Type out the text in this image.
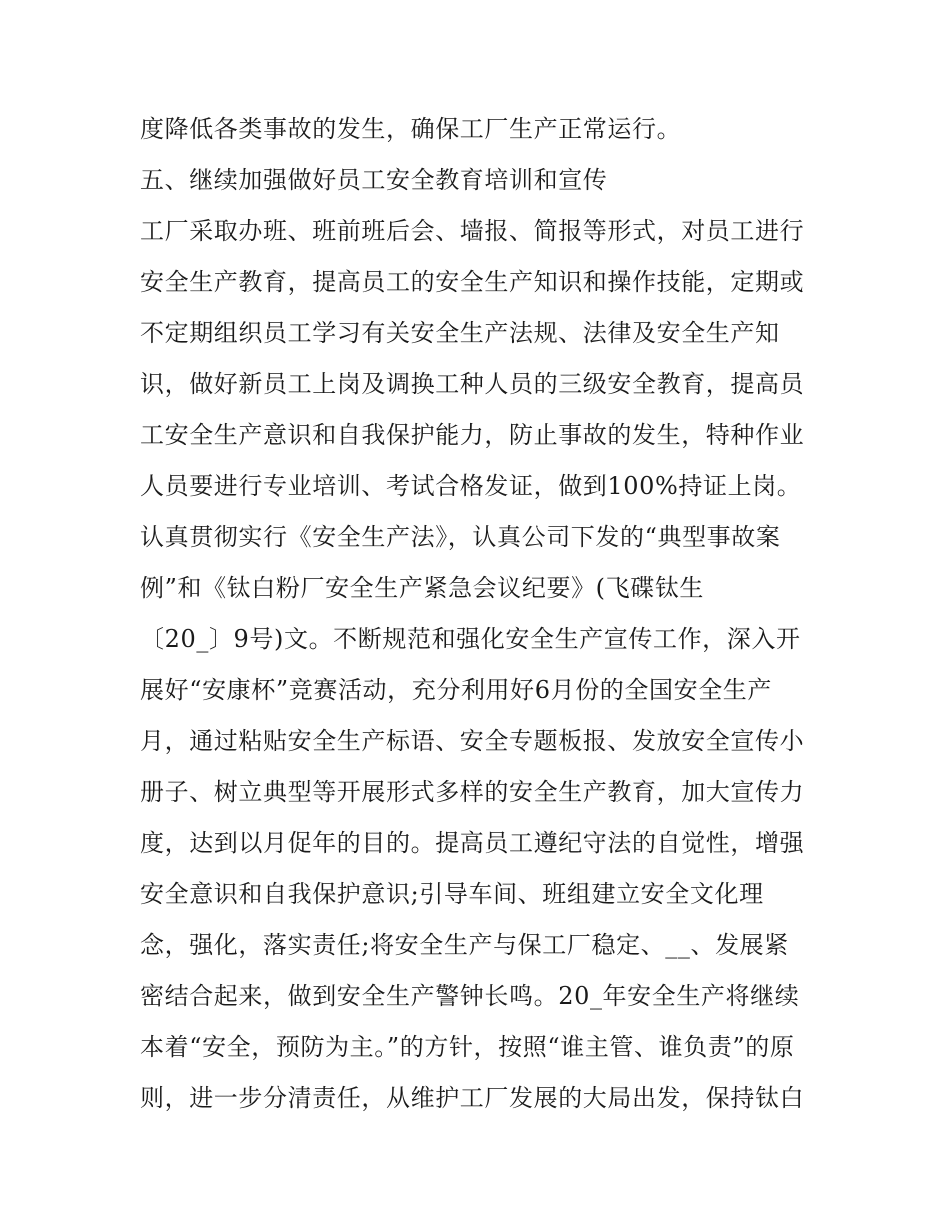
度降低各类事故的发生，确保工厂生产正常运行。
五、继续加强做好员工安全教育培训和宣传
工厂采取办班、班前班后会、墙报、简报等形式，对员工进行
安全生产教育，提高员工的安全生产知识和操作技能，定期或
不定期组织员工学习有关安全生产法规、法律及安全生产知
识，做好新员工上岗及调换工种人员的三级安全教育，提高员
工安全生产意识和自我保护能力，防止事故的发生，特种作业
人员要进行专业培训、考试合格发证，做到100%持证上岗。
认真贯彻实行《安全生产法》，认真公司下发的“典型事故案
例”和《钛白粉厂安全生产紧急会议纪要》(飞碟钛生
〔20_〕9号)文。不断规范和强化安全生产宣传工作，深入开
展好“安康杯”竞赛活动，充分利用好6月份的全国安全生产
月，通过粘贴安全生产标语、安全专题板报、发放安全宣传小
册子、树立典型等开展形式多样的安全生产教育，加大宣传力
度，达到以月促年的目的。提高员工遵纪守法的自觉性，增强
安全意识和自我保护意识;引导车间、班组建立安全文化理
念，强化，落实责任;将安全生产与保工厂稳定、__、发展紧
密结合起来，做到安全生产警钟长鸣。20_年安全生产将继续
本着“安全，预防为主。”的方针，按照“谁主管、谁负责”的原
则，进一步分清责任，从维护工厂发展的大局出发，保持钛白
